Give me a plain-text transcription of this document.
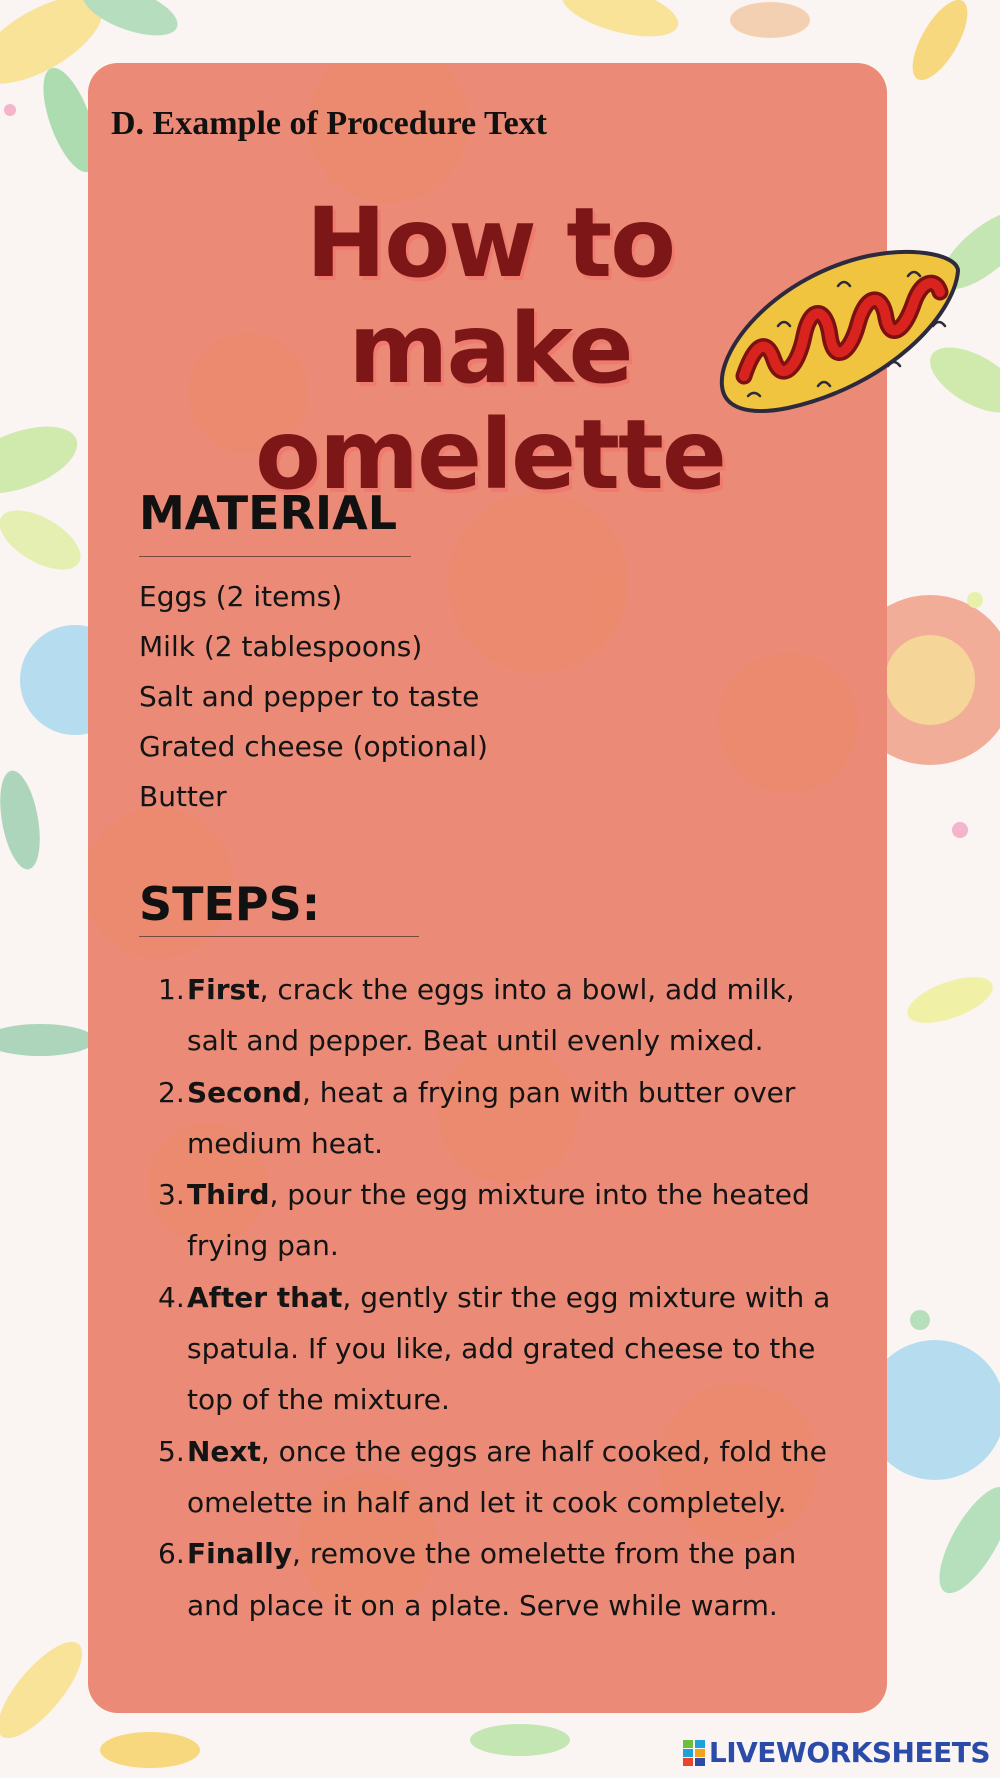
D. Example of Procedure Text
How to make
omelette
MATERIAL
Eggs (2 items)
Milk (2 tablespoons)
Salt and pepper to taste
Grated cheese (optional)
Butter
STEPS:
1. First, crack the eggs into a bowl, add milk, salt and pepper. Beat until evenly mixed.
2. Second, heat a frying pan with butter over medium heat.
3. Third, pour the egg mixture into the heated frying pan.
4. After that, gently stir the egg mixture with a spatula. If you like, add grated cheese to the top of the mixture.
5. Next, once the eggs are half cooked, fold the omelette in half and let it cook completely.
6. Finally, remove the omelette from the pan and place it on a plate. Serve while warm.
LIVEWORKSHEETS
